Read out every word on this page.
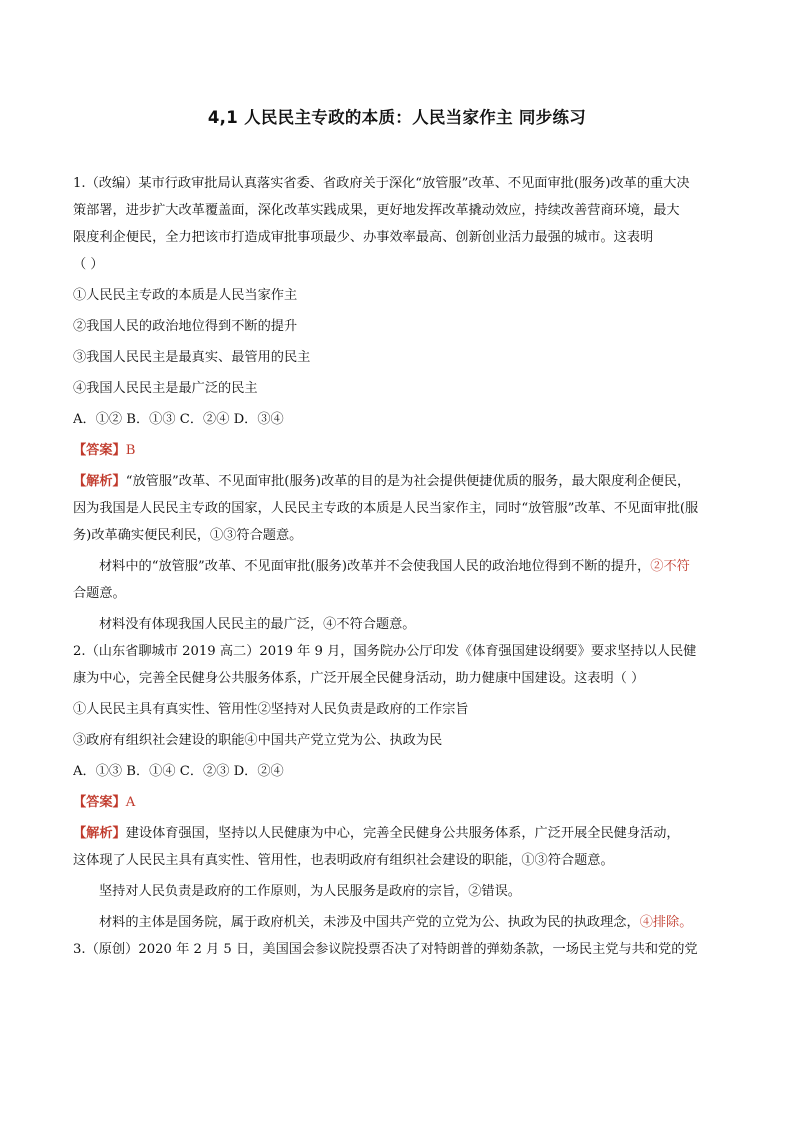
4,1 人民民主专政的本质：人民当家作主 同步练习
1.（改编）某市行政审批局认真落实省委、省政府关于深化“放管服”改革、不见面审批(服务)改革的重大决
策部署，进步扩大改革覆盖面，深化改革实践成果，更好地发挥改革撬动效应，持续改善营商环境，最大
限度利企便民，全力把该市打造成审批事项最少、办事效率最高、创新创业活力最强的城市。这表明
（ ）
①人民民主专政的本质是人民当家作主
②我国人民的政治地位得到不断的提升
③我国人民民主是最真实、最管用的民主
④我国人民民主是最广泛的民主
A．①② B．①③ C．②④ D．③④
【答案】B
【解析】“放管服”改革、不见面审批(服务)改革的目的是为社会提供便捷优质的服务，最大限度利企便民，
因为我国是人民民主专政的国家，人民民主专政的本质是人民当家作主，同时“放管服”改革、不见面审批(服
务)改革确实便民利民，①③符合题意。
材料中的“放管服”改革、不见面审批(服务)改革并不会使我国人民的政治地位得到不断的提升，②不符
合题意。
材料没有体现我国人民民主的最广泛，④不符合题意。
2.（山东省聊城市 2019 高二）2019 年 9 月，国务院办公厅印发《体育强国建设纲要》要求坚持以人民健
康为中心，完善全民健身公共服务体系，广泛开展全民健身活动，助力健康中国建设。这表明（ ）
①人民民主具有真实性、管用性②坚持对人民负责是政府的工作宗旨
③政府有组织社会建设的职能④中国共产党立党为公、执政为民
A．①③ B．①④ C．②③ D．②④
【答案】A
【解析】建设体育强国，坚持以人民健康为中心，完善全民健身公共服务体系，广泛开展全民健身活动，
这体现了人民民主具有真实性、管用性，也表明政府有组织社会建设的职能，①③符合题意。
坚持对人民负责是政府的工作原则，为人民服务是政府的宗旨，②错误。
材料的主体是国务院，属于政府机关，未涉及中国共产党的立党为公、执政为民的执政理念，④排除。
3.（原创）2020 年 2 月 5 日，美国国会参议院投票否决了对特朗普的弹劾条款，一场民主党与共和党的党
